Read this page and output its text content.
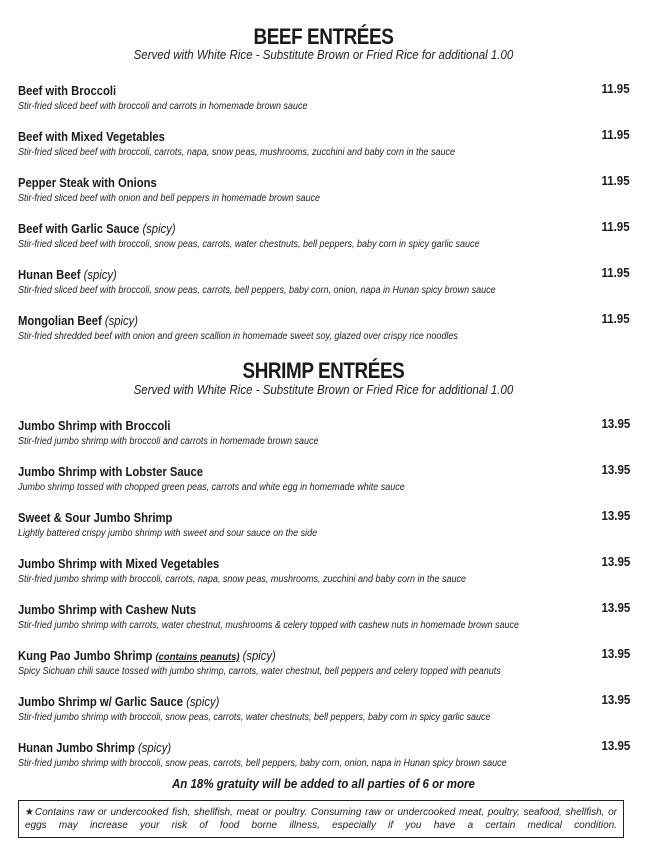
BEEF ENTRÉES

Served with White Rice - Substitute Brown or Fried Rice for additional 1.00

Beef with Broccoli	11.95
Stir-fried sliced beef with broccoli and carrots in homemade brown sauce
Beef with Mixed Vegetables	11.95
Stir-fried sliced beef with broccoli, carrots, napa, snow peas, mushrooms, zucchini and baby corn in the sauce
Pepper Steak with Onions	11.95
Stir-fried sliced beef with onion and bell peppers in homemade brown sauce
Beef with Garlic Sauce (spicy)	11.95
Stir-fried sliced beef with broccoli, snow peas, carrots, water chestnuts, bell peppers, baby corn in spicy garlic sauce
Hunan Beef (spicy)	11.95
Stir-fried sliced beef with broccoli, snow peas, carrots, bell peppers, baby corn, onion, napa in Hunan spicy brown sauce
Mongolian Beef (spicy)	11.95
Stir-fried shredded beef with onion and green scallion in homemade sweet soy, glazed over crispy rice noodles
SHRIMP ENTRÉES

Served with White Rice - Substitute Brown or Fried Rice for additional 1.00

Jumbo Shrimp with Broccoli	13.95
Stir-fried jumbo shrimp with broccoli and carrots in homemade brown sauce
Jumbo Shrimp with Lobster Sauce	13.95
Jumbo shrimp tossed with chopped green peas, carrots and white egg in homemade white sauce
Sweet & Sour Jumbo Shrimp	13.95
Lightly battered crispy jumbo shrimp with sweet and sour sauce on the side
Jumbo Shrimp with Mixed Vegetables	13.95
Stir-fried jumbo shrimp with broccoli, carrots, napa, snow peas, mushrooms, zucchini and baby corn in the sauce
Jumbo Shrimp with Cashew Nuts	13.95
Stir-fried jumbo shrimp with carrots, water chestnut, mushrooms & celery topped with cashew nuts in homemade brown sauce
Kung Pao Jumbo Shrimp (contains peanuts) (spicy)	13.95
Spicy Sichuan chili sauce tossed with jumbo shrimp, carrots, water chestnut, bell peppers and celery topped with peanuts
Jumbo Shrimp w/ Garlic Sauce (spicy)	13.95
Stir-fried jumbo shrimp with broccoli, snow peas, carrots, water chestnuts, bell peppers, baby corn in spicy garlic sauce
Hunan Jumbo Shrimp (spicy)	13.95
Stir-fried jumbo shrimp with broccoli, snow peas, carrots, bell peppers, baby corn, onion, napa in Hunan spicy brown sauce

An 18% gratuity will be added to all parties of 6 or more

★Contains raw or undercooked fish, shellfish, meat or poultry. Consuming raw or undercooked meat, poultry, seafood, shellfish, or eggs may increase your risk of food borne illness, especially if you have a certain medical condition.
